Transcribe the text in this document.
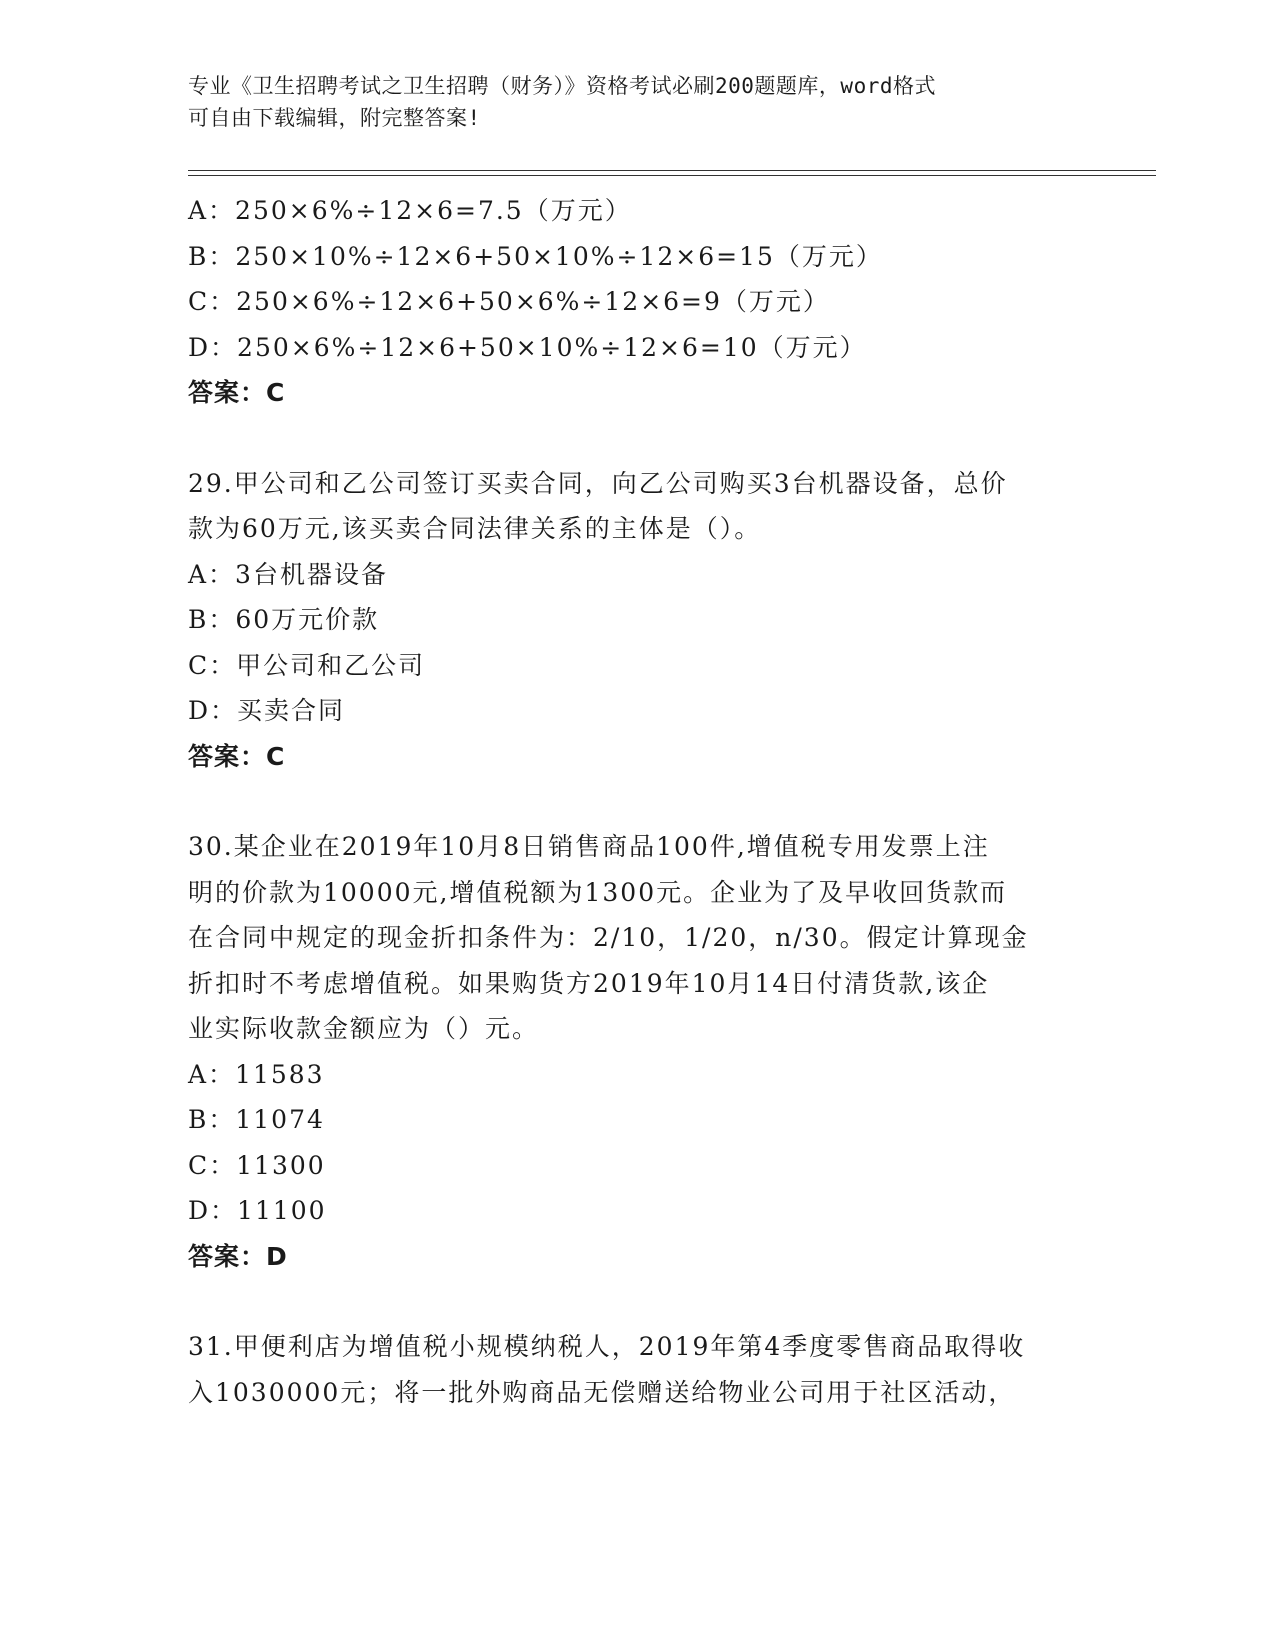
专业《卫生招聘考试之卫生招聘（财务）》资格考试必刷200题题库，word格式
可自由下载编辑，附完整答案!
A：250×6%÷12×6=7.5（万元）
B：250×10%÷12×6+50×10%÷12×6=15（万元）
C：250×6%÷12×6+50×6%÷12×6=9（万元）
D：250×6%÷12×6+50×10%÷12×6=10（万元）
答案：C
29.甲公司和乙公司签订买卖合同，向乙公司购买3台机器设备，总价
款为60万元,该买卖合同法律关系的主体是（）。
A：3台机器设备
B：60万元价款
C：甲公司和乙公司
D：买卖合同
答案：C
30.某企业在2019年10月8日销售商品100件,增值税专用发票上注
明的价款为10000元,增值税额为1300元。企业为了及早收回货款而
在合同中规定的现金折扣条件为：2/10，1/20，n/30。假定计算现金
折扣时不考虑增值税。如果购货方2019年10月14日付清货款,该企
业实际收款金额应为（）元。
A：11583
B：11074
C：11300
D：11100
答案：D
31.甲便利店为增值税小规模纳税人，2019年第4季度零售商品取得收
入1030000元；将一批外购商品无偿赠送给物业公司用于社区活动，
